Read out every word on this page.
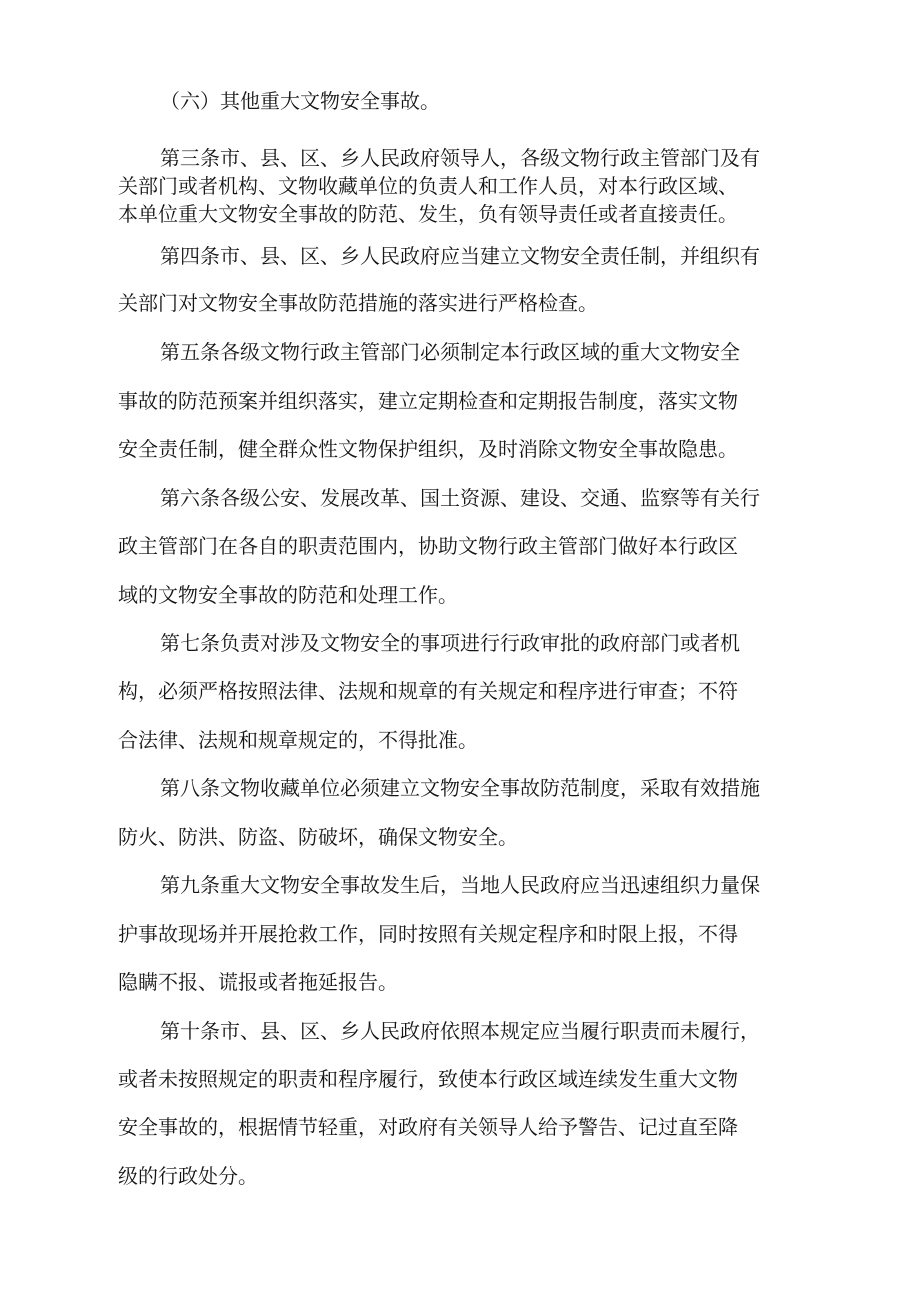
（六）其他重大文物安全事故。

第三条市、县、区、乡人民政府领导人，各级文物行政主管部门及有

关部门或者机构、文物收藏单位的负责人和工作人员，对本行政区域、

本单位重大文物安全事故的防范、发生，负有领导责任或者直接责任。

第四条市、县、区、乡人民政府应当建立文物安全责任制，并组织有

关部门对文物安全事故防范措施的落实进行严格检查。

第五条各级文物行政主管部门必须制定本行政区域的重大文物安全

事故的防范预案并组织落实，建立定期检查和定期报告制度，落实文物

安全责任制，健全群众性文物保护组织，及时消除文物安全事故隐患。

第六条各级公安、发展改革、国土资源、建设、交通、监察等有关行

政主管部门在各自的职责范围内，协助文物行政主管部门做好本行政区

域的文物安全事故的防范和处理工作。

第七条负责对涉及文物安全的事项进行行政审批的政府部门或者机

构，必须严格按照法律、法规和规章的有关规定和程序进行审查；不符

合法律、法规和规章规定的，不得批准。

第八条文物收藏单位必须建立文物安全事故防范制度，采取有效措施

防火、防洪、防盗、防破坏，确保文物安全。

第九条重大文物安全事故发生后，当地人民政府应当迅速组织力量保

护事故现场并开展抢救工作，同时按照有关规定程序和时限上报，不得

隐瞒不报、谎报或者拖延报告。

第十条市、县、区、乡人民政府依照本规定应当履行职责而未履行，

或者未按照规定的职责和程序履行，致使本行政区域连续发生重大文物

安全事故的，根据情节轻重，对政府有关领导人给予警告、记过直至降

级的行政处分。
